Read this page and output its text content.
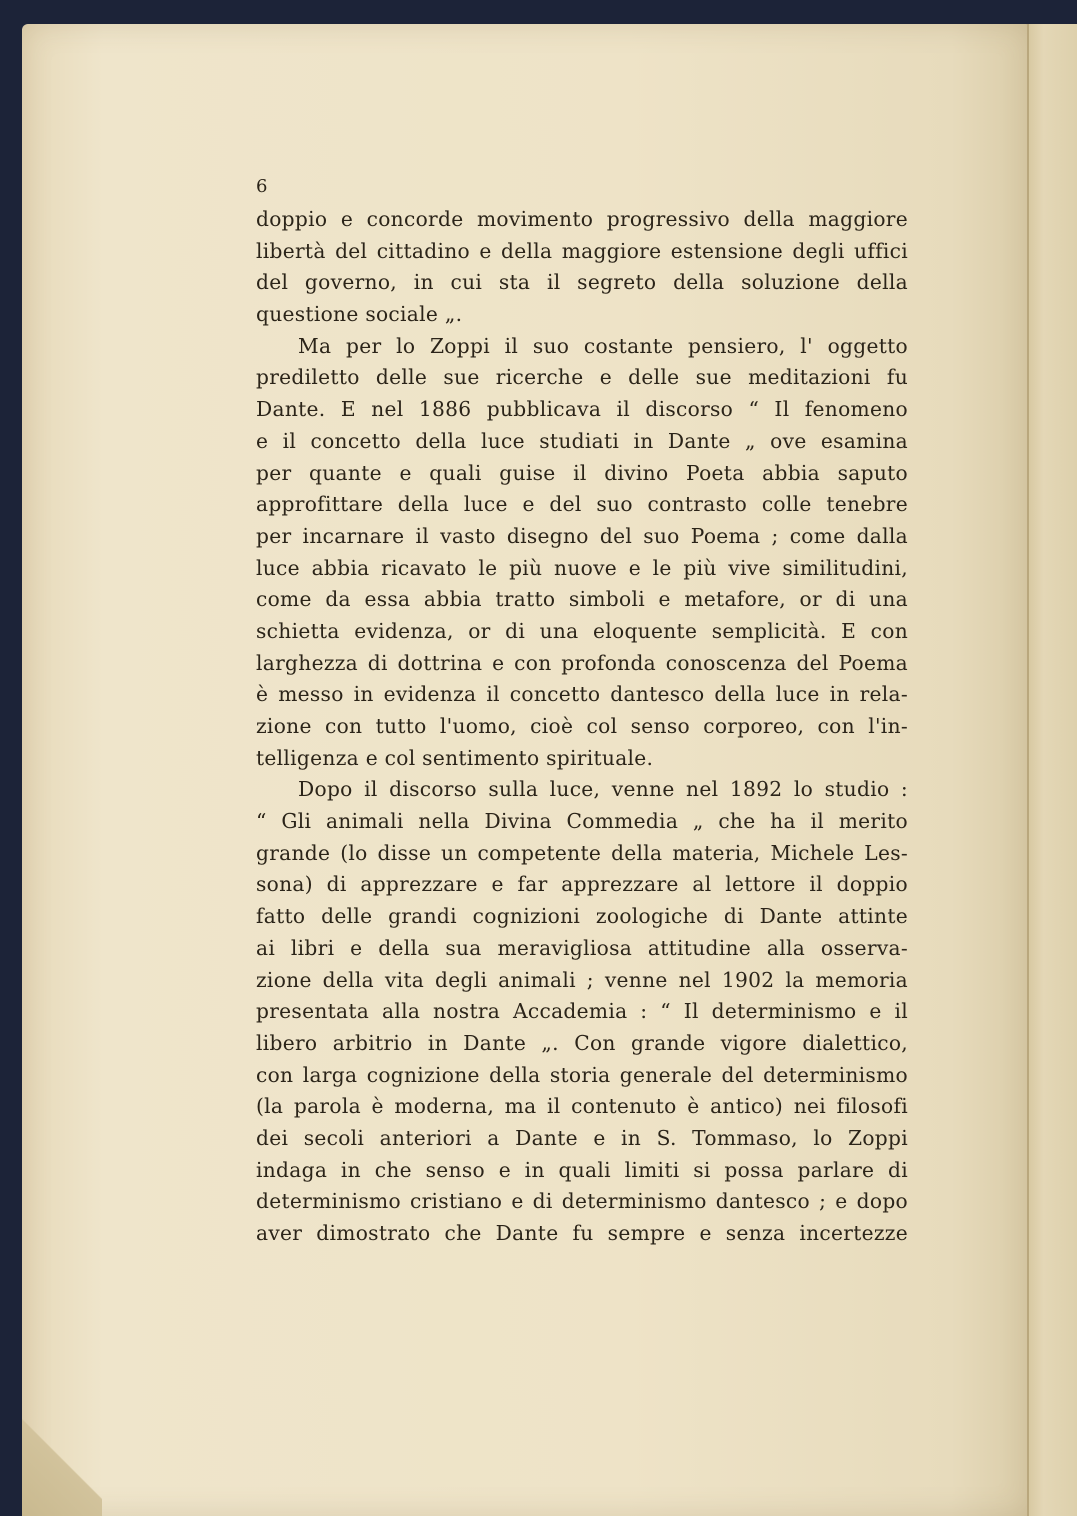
6
doppio e concorde movimento progressivo della maggiore
libertà del cittadino e della maggiore estensione degli uffici
del governo, in cui sta il segreto della soluzione della
questione sociale „.
Ma per lo Zoppi il suo costante pensiero, l' oggetto
prediletto delle sue ricerche e delle sue meditazioni fu
Dante. E nel 1886 pubblicava il discorso “ Il fenomeno
e il concetto della luce studiati in Dante „ ove esamina
per quante e quali guise il divino Poeta abbia saputo
approfittare della luce e del suo contrasto colle tenebre
per incarnare il vasto disegno del suo Poema ; come dalla
luce abbia ricavato le più nuove e le più vive similitudini,
come da essa abbia tratto simboli e metafore, or di una
schietta evidenza, or di una eloquente semplicità. E con
larghezza di dottrina e con profonda conoscenza del Poema
è messo in evidenza il concetto dantesco della luce in rela-
zione con tutto l'uomo, cioè col senso corporeo, con l'in-
telligenza e col sentimento spirituale.
Dopo il discorso sulla luce, venne nel 1892 lo studio :
“ Gli animali nella Divina Commedia „ che ha il merito
grande (lo disse un competente della materia, Michele Les-
sona) di apprezzare e far apprezzare al lettore il doppio
fatto delle grandi cognizioni zoologiche di Dante attinte
ai libri e della sua meravigliosa attitudine alla osserva-
zione della vita degli animali ; venne nel 1902 la memoria
presentata alla nostra Accademia : “ Il determinismo e il
libero arbitrio in Dante „. Con grande vigore dialettico,
con larga cognizione della storia generale del determinismo
(la parola è moderna, ma il contenuto è antico) nei filosofi
dei secoli anteriori a Dante e in S. Tommaso, lo Zoppi
indaga in che senso e in quali limiti si possa parlare di
determinismo cristiano e di determinismo dantesco ; e dopo
aver dimostrato che Dante fu sempre e senza incertezze
